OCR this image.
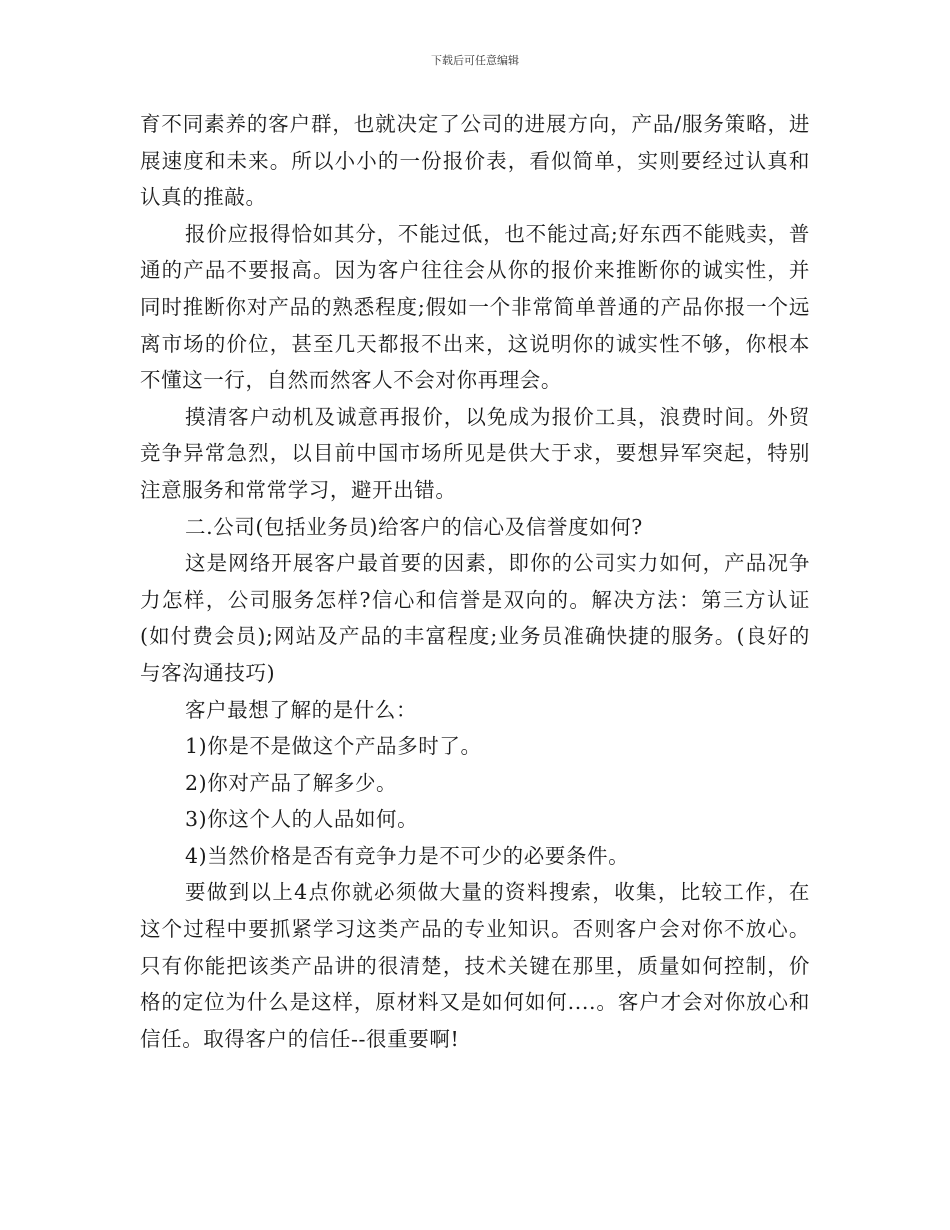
下载后可任意编辑

育不同素养的客户群，也就决定了公司的进展方向，产品/服务策略，进展速度和未来。所以小小的一份报价表，看似简单，实则要经过认真和认真的推敲。

报价应报得恰如其分，不能过低，也不能过高;好东西不能贱卖，普通的产品不要报高。因为客户往往会从你的报价来推断你的诚实性，并同时推断你对产品的熟悉程度;假如一个非常简单普通的产品你报一个远离市场的价位，甚至几天都报不出来，这说明你的诚实性不够，你根本不懂这一行，自然而然客人不会对你再理会。

摸清客户动机及诚意再报价，以免成为报价工具，浪费时间。外贸竞争异常急烈，以目前中国市场所见是供大于求，要想异军突起，特别注意服务和常常学习，避开出错。

二.公司(包括业务员)给客户的信心及信誉度如何?

这是网络开展客户最首要的因素，即你的公司实力如何，产品况争力怎样，公司服务怎样?信心和信誉是双向的。解决方法：第三方认证(如付费会员);网站及产品的丰富程度;业务员准确快捷的服务。(良好的与客沟通技巧)

客户最想了解的是什么：

1)你是不是做这个产品多时了。

2)你对产品了解多少。

3)你这个人的人品如何。

4)当然价格是否有竞争力是不可少的必要条件。

要做到以上4点你就必须做大量的资料搜索，收集，比较工作，在这个过程中要抓紧学习这类产品的专业知识。否则客户会对你不放心。只有你能把该类产品讲的很清楚，技术关键在那里，质量如何控制，价格的定位为什么是这样，原材料又是如何如何....。客户才会对你放心和信任。取得客户的信任--很重要啊!
